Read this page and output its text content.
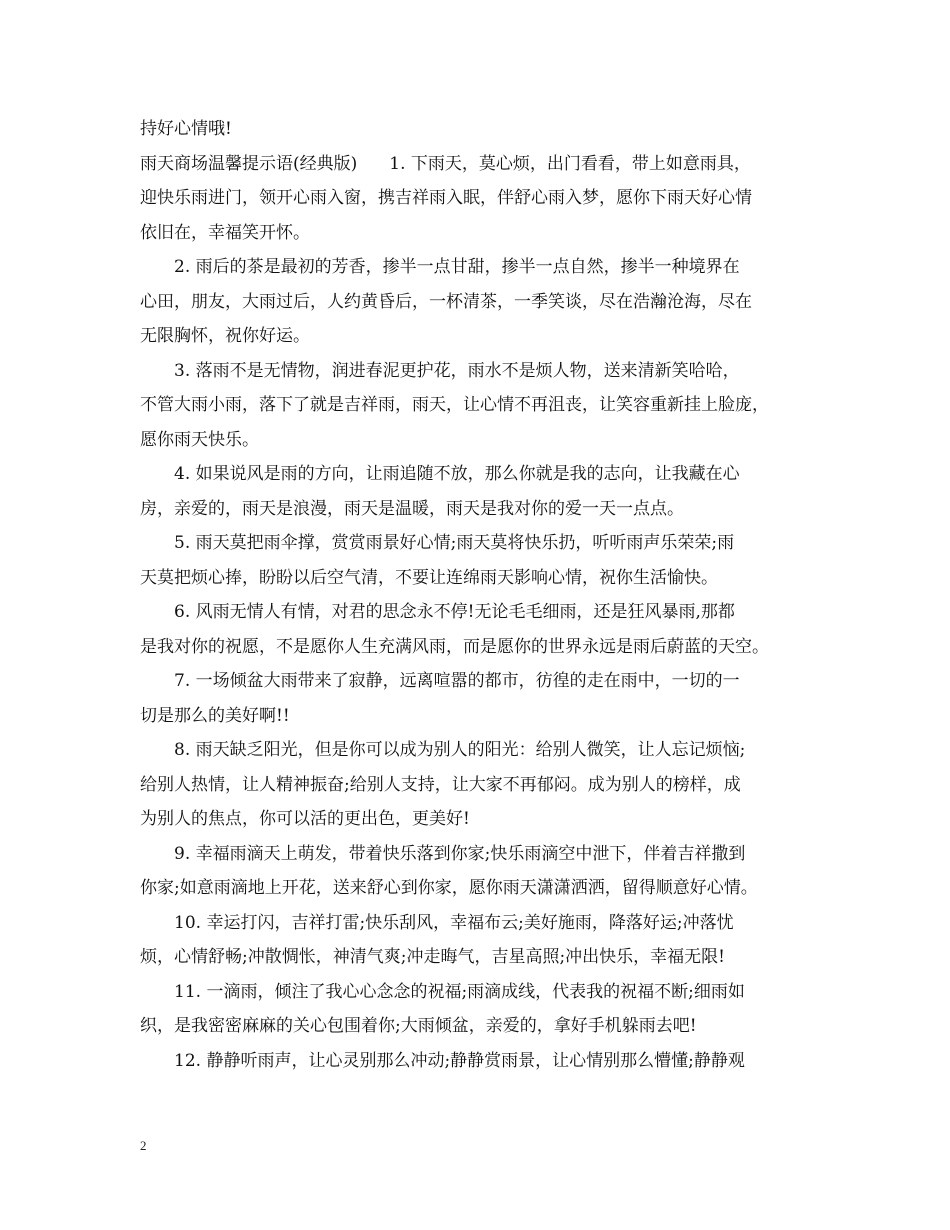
持好心情哦!
雨天商场温馨提示语(经典版) 1. 下雨天，莫心烦，出门看看，带上如意雨具，
迎快乐雨进门，领开心雨入窗，携吉祥雨入眠，伴舒心雨入梦，愿你下雨天好心情
依旧在，幸福笑开怀。
2. 雨后的茶是最初的芳香，掺半一点甘甜，掺半一点自然，掺半一种境界在
心田，朋友，大雨过后，人约黄昏后，一杯清茶，一季笑谈，尽在浩瀚沧海，尽在
无限胸怀，祝你好运。
3. 落雨不是无情物，润进春泥更护花，雨水不是烦人物，送来清新笑哈哈，
不管大雨小雨，落下了就是吉祥雨，雨天，让心情不再沮丧，让笑容重新挂上脸庞，
愿你雨天快乐。
4. 如果说风是雨的方向，让雨追随不放，那么你就是我的志向，让我藏在心
房，亲爱的，雨天是浪漫，雨天是温暖，雨天是我对你的爱一天一点点。
5. 雨天莫把雨伞撑，赏赏雨景好心情;雨天莫将快乐扔，听听雨声乐荣荣;雨
天莫把烦心捧，盼盼以后空气清，不要让连绵雨天影响心情，祝你生活愉快。
6. 风雨无情人有情，对君的思念永不停!无论毛毛细雨，还是狂风暴雨,那都
是我对你的祝愿，不是愿你人生充满风雨，而是愿你的世界永远是雨后蔚蓝的天空。
7. 一场倾盆大雨带来了寂静，远离喧嚣的都市，彷徨的走在雨中，一切的一
切是那么的美好啊!!
8. 雨天缺乏阳光，但是你可以成为别人的阳光：给别人微笑，让人忘记烦恼;
给别人热情，让人精神振奋;给别人支持，让大家不再郁闷。成为别人的榜样，成
为别人的焦点，你可以活的更出色，更美好!
9. 幸福雨滴天上萌发，带着快乐落到你家;快乐雨滴空中泄下，伴着吉祥撒到
你家;如意雨滴地上开花，送来舒心到你家，愿你雨天潇潇洒洒，留得顺意好心情。
10. 幸运打闪，吉祥打雷;快乐刮风，幸福布云;美好施雨，降落好运;冲落忧
烦，心情舒畅;冲散惆怅，神清气爽;冲走晦气，吉星高照;冲出快乐，幸福无限!
11. 一滴雨，倾注了我心心念念的祝福;雨滴成线，代表我的祝福不断;细雨如
织，是我密密麻麻的关心包围着你;大雨倾盆，亲爱的，拿好手机躲雨去吧!
12. 静静听雨声，让心灵别那么冲动;静静赏雨景，让心情别那么懵懂;静静观
2
